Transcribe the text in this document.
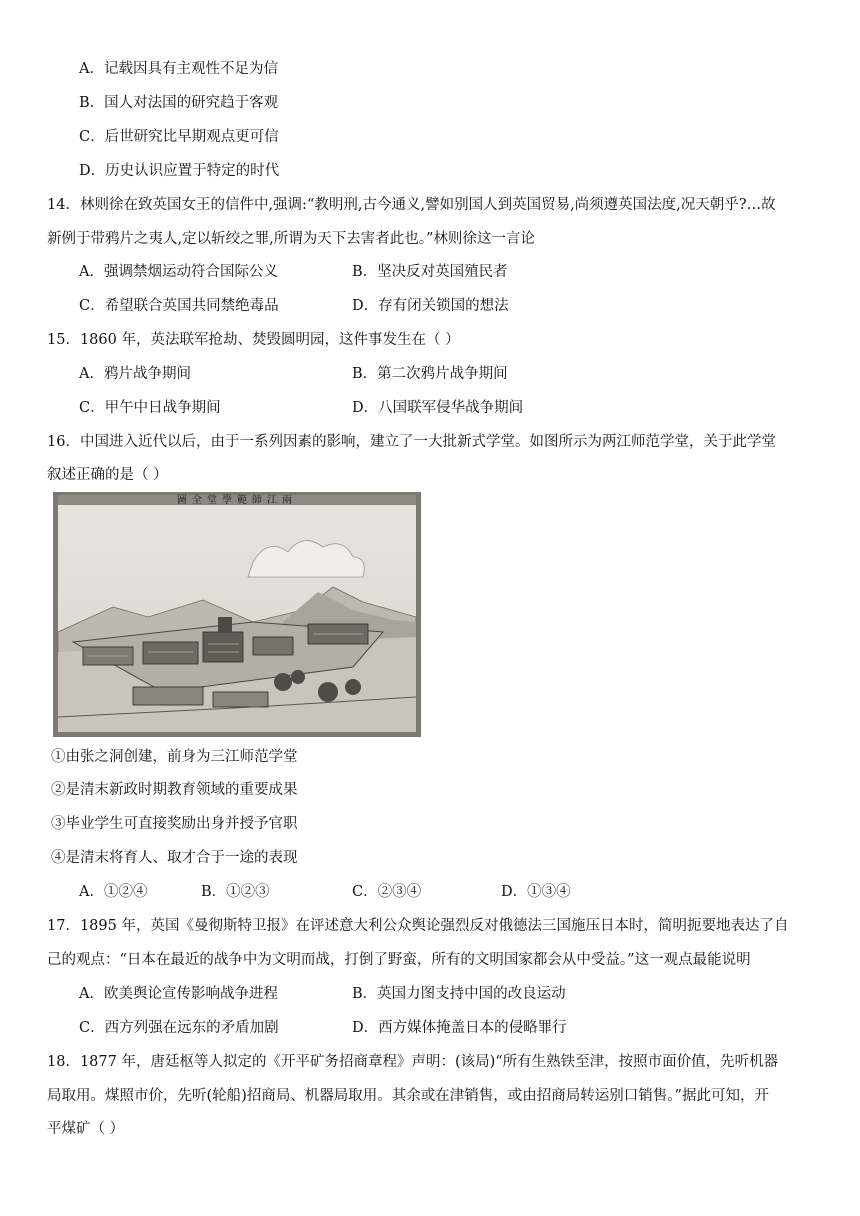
A．记载因具有主观性不足为信
B．国人对法国的研究趋于客观
C．后世研究比早期观点更可信
D．历史认识应置于特定的时代
14．林则徐在致英国女王的信件中,强调:“教明刑,古今通义,譬如别国人到英国贸易,尚须遵英国法度,况天朝乎?…故
新例于带鸦片之夷人,定以斩绞之罪,所谓为天下去害者此也。”林则徐这一言论
A．强调禁烟运动符合国际公义	B．坚决反对英国殖民者
C．希望联合英国共同禁绝毒品	D．存有闭关锁国的想法
15．1860 年，英法联军抢劫、焚毁圆明园，这件事发生在（ ）
A．鸦片战争期间	B．第二次鸦片战争期间
C．甲午中日战争期间	D．八国联军侵华战争期间
16．中国进入近代以后，由于一系列因素的影响，建立了一大批新式学堂。如图所示为两江师范学堂，关于此学堂
叙述正确的是（ ）
圖全堂學範師江兩
①由张之洞创建，前身为三江师范学堂
②是清末新政时期教育领域的重要成果
③毕业学生可直接奖励出身并授予官职
④是清末将育人、取才合于一途的表现
A．①②④	B．①②③	C．②③④	D．①③④
17．1895 年，英国《曼彻斯特卫报》在评述意大利公众舆论强烈反对俄德法三国施压日本时，简明扼要地表达了自
己的观点：“日本在最近的战争中为文明而战，打倒了野蛮，所有的文明国家都会从中受益。”这一观点最能说明
A．欧美舆论宣传影响战争进程	B．英国力图支持中国的改良运动
C．西方列强在远东的矛盾加剧	D．西方媒体掩盖日本的侵略罪行
18．1877 年，唐廷枢等人拟定的《开平矿务招商章程》声明：(该局)“所有生熟铁至津，按照市面价值，先听机器
局取用。煤照市价，先听(轮船)招商局、机器局取用。其余或在津销售，或由招商局转运别口销售。”据此可知，开
平煤矿（ ）
